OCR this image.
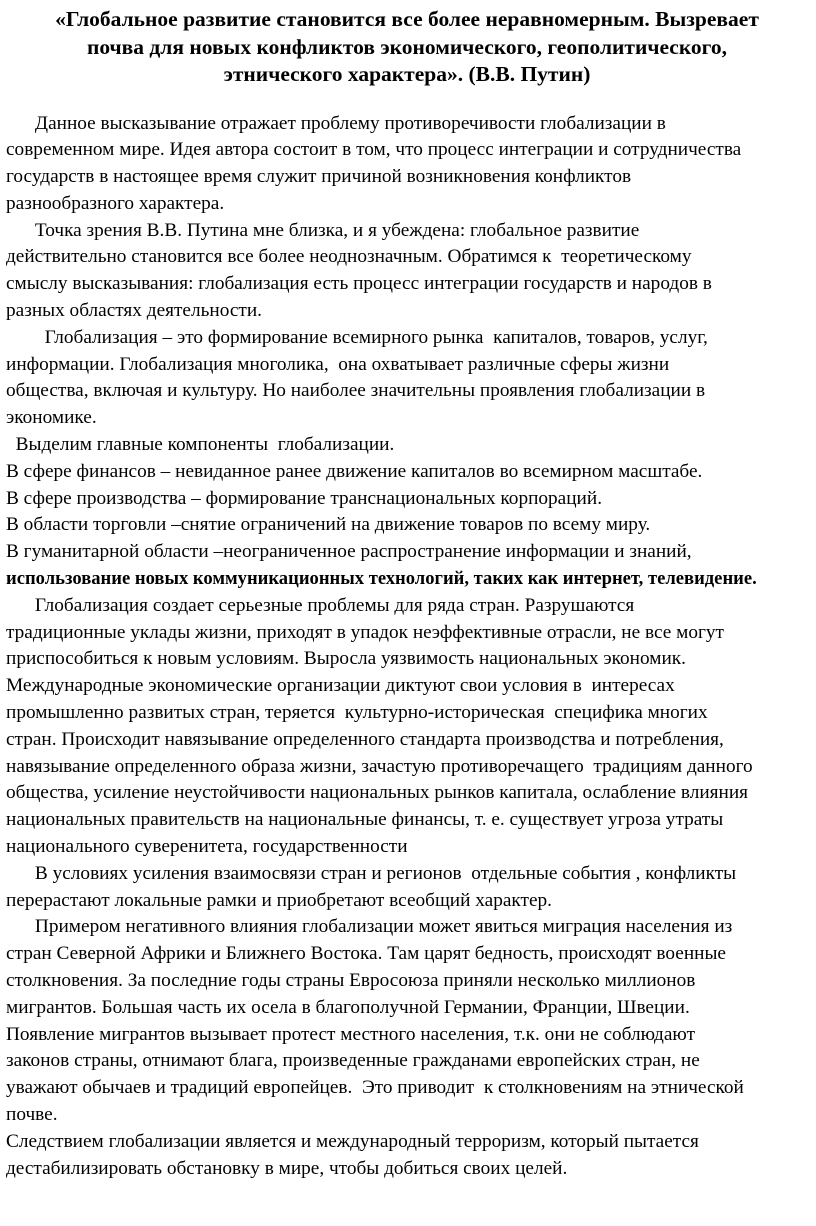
«Глобальное развитие становится все более неравномерным. Вызревает
почва для новых конфликтов экономического, геополитического,
этнического характера». (В.В. Путин)
Данное высказывание отражает проблему противоречивости глобализации в
современном мире. Идея автора состоит в том, что процесс интеграции и сотрудничества
государств в настоящее время служит причиной возникновения конфликтов
разнообразного характера.
Точка зрения В.В. Путина мне близка, и я убеждена: глобальное развитие
действительно становится все более неоднозначным. Обратимся к  теоретическому
смыслу высказывания: глобализация есть процесс интеграции государств и народов в
разных областях деятельности.
Глобализация – это формирование всемирного рынка  капиталов, товаров, услуг,
информации. Глобализация многолика,  она охватывает различные сферы жизни
общества, включая и культуру. Но наиболее значительны проявления глобализации в
экономике.
Выделим главные компоненты  глобализации.
В сфере финансов – невиданное ранее движение капиталов во всемирном масштабе.
В сфере производства – формирование транснациональных корпораций.
В области торговли –снятие ограничений на движение товаров по всему миру.
В гуманитарной области –неограниченное распространение информации и знаний,
использование новых коммуникационных технологий, таких как интернет, телевидение.
Глобализация создает серьезные проблемы для ряда стран. Разрушаются
традиционные уклады жизни, приходят в упадок неэффективные отрасли, не все могут
приспособиться к новым условиям. Выросла уязвимость национальных экономик.
Международные экономические организации диктуют свои условия в  интересах
промышленно развитых стран, теряется  культурно-историческая  специфика многих
стран. Происходит навязывание определенного стандарта производства и потребления,
навязывание определенного образа жизни, зачастую противоречащего  традициям данного
общества, усиление неустойчивости национальных рынков капитала, ослабление влияния
национальных правительств на национальные финансы, т. е. существует угроза утраты
национального суверенитета, государственности
В условиях усиления взаимосвязи стран и регионов  отдельные события , конфликты
перерастают локальные рамки и приобретают всеобщий характер.
Примером негативного влияния глобализации может явиться миграция населения из
стран Северной Африки и Ближнего Востока. Там царят бедность, происходят военные
столкновения. За последние годы страны Евросоюза приняли несколько миллионов
мигрантов. Большая часть их осела в благополучной Германии, Франции, Швеции.
Появление мигрантов вызывает протест местного населения, т.к. они не соблюдают
законов страны, отнимают блага, произведенные гражданами европейских стран, не
уважают обычаев и традиций европейцев.  Это приводит  к столкновениям на этнической
почве.
Следствием глобализации является и международный терроризм, который пытается
дестабилизировать обстановку в мире, чтобы добиться своих целей.
